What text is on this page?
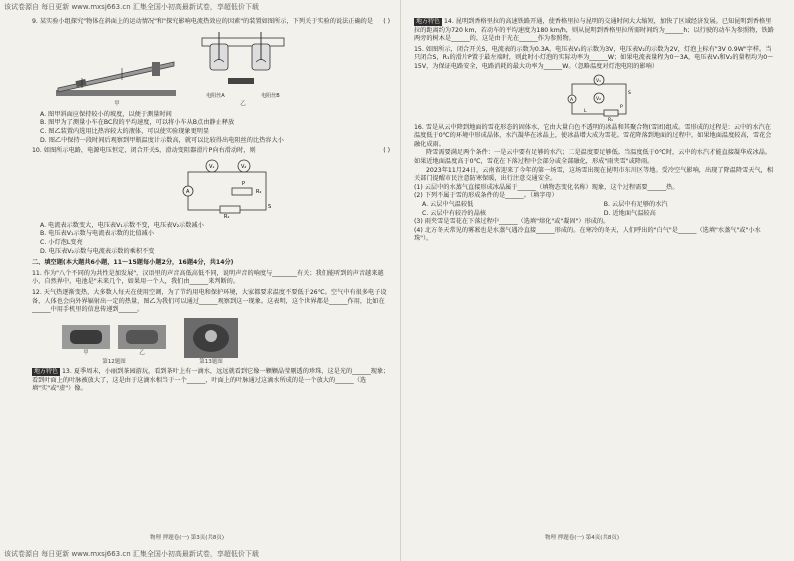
该试卷源自 每日更新 www.mxsj663.cn 汇集全国小初高最新试卷，享超低价下载

9. 某实验小组探究"物体在斜面上的运动情况"和"探究影响电流热效应的因素"的装置如图所示，下列关于实验的说法正确的是 ( )

甲
电阻丝A	电阻丝B
乙

A. 图甲斜面应保持较小的坡度，以便于测量时间

B. 图甲为了测量小车在BC段的平均速度，可以将小车从B点由静止释放

C. 图乙装置内选用比热容较大的液体，可以使实验现象更明显

D. 图乙中保持一段时间后观察到甲瓶温度计示数高，就可以比较得出电阻丝的比热容大小

10. 如图所示电路，电源电压恒定，闭合开关S，滑动变阻器滑片P向右滑动时，则	( )

V₁	V₂
A
R₁
R₂
P
S

A. 电流表示数变大，电压表V₁示数不变，电压表V₂示数减小

B. 电压表V₁示数与电流表示数的比值减小

C. 小灯泡L变亮

D. 电压表V₂示数与电流表示数的乘积不变

二、填空题(本大题共6小题，11～15题每小题2分，16题4分，共14分)

11. 作为"八个不同的为共性是加发展"，汉语里的声音高低高低不同，说明声音的响度与________有关；我们能听到的声音越来越小，自然界中，电池是"未来几个，如果用一个人，我们由______来判断的。

12. 天气热逐渐变热，大多数人每天在使用空调，为了节约用电和保护环境，大家都要求温度不要低于26℃。空气中有很多电子设备，人体也会向外界辐射出一定的热量，图乙为我们可以通过______观察到这一现象。这表明，这个世界都是______作用，比如在______中用手机里的信息传递到______。

甲	乙
第12题图	第13题图

地方特色 13. 夏季周末，小丽到茶园游玩，看到茶叶上有一滴水，远远就看到它像一颗颗晶莹剔透的珍珠，这是光的______现象；看到叶面上的叶脉被放大了，这是由于这滴水相当于一个______，叶面上的叶脉通过这滴水所成的是一个放大的______（选填"实"或"虚"）像。

物理 押题卷(一) 第3页(共8页)

地方特色 14. 昆明到香格里拉的高速铁路开通，使香格里拉与昆明的交通时间大大缩短，加快了区域经济发展。已知昆明到香格里拉的距离约为720 km，若动车的平均速度为180 km/h，则从昆明到香格里拉所需时间约为______h；以行驶的动车为参照物，铁路两旁的树木是______的，这是由于光在______作为参照物。

15. 如图所示，闭合开关S，电流表的示数为0.3A，电压表V₁的示数为3V，电压表V₂的示数为2V，灯泡上标有"3V 0.9W"字样。当只闭合S，R₁的滑片P置于最左端时，则此时小灯泡的实际功率为______W；如果电流表量程为0～3A，电压表V₁和V₂的量程均为0～15V，为保证电路安全，电路消耗的最大功率为______W。（忽略温度对灯泡电阻的影响）

V₁
V₂
A
L
R₁
P
S

16. 雪是从云中降到地面的雪花形态的固体水，它由大量白色不透明的冰晶和其聚合物(雪团)组成。雪形成的过程是：云中的水汽在温度低于0℃的环境中形成晶体，水汽凝华在冰晶上，使冰晶增大成为雪花。雪花降落到地面的过程中，如果地面温度较高，雪花会融化成雨。

降雪需要满足两个条件：一是云中要有足够的水汽；二是温度要足够低。当温度低于0℃时，云中的水汽才能直接凝华成冰晶。如果近地面温度高于0℃，雪花在下落过程中会部分或全部融化，形成"雨夹雪"或降雨。

2023年11月24日，云南省迎来了今年的第一场雪，这场雪出现在昆明市东川区等地。受冷空气影响，出现了降温降雪天气，相关部门提醒市民注意防寒保暖，出行注意交通安全。

(1) 云层中的水蒸气直接形成冰晶属于______（填物态变化名称）现象，这个过程需要______热。

(2) 下列不属于雪的形成条件的是______。（填字母）

A. 云层中气温较低	B. 云层中有足够的水汽

C. 云层中有较冷的晶核	D. 近地面气温较高

(3) 雨夹雪是雪花在下落过程中______（选填"熔化"或"凝固"）形成的。

(4) 北方冬天常见的雾凇也是水蒸气遇冷直接______形成的。在寒冷的冬天，人们呼出的"白气"是______（选填"水蒸气"或"小水珠"）。

物理 押题卷(一) 第4页(共8页)
该试卷源自 每日更新 www.mxsj663.cn 汇集全国小初高最新试卷，享超低价下载
